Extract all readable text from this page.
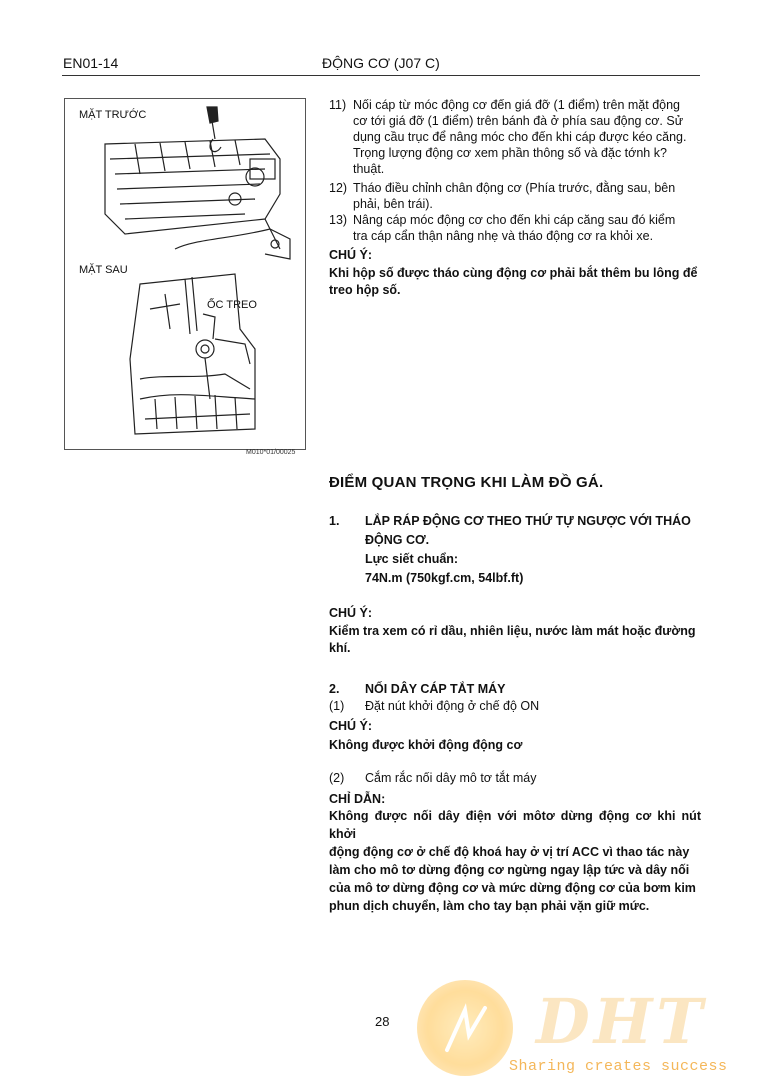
EN01-14	ĐỘNG CƠ (J07 C)
MẶT TRƯỚC
MẶT SAU
ỐC TREO
M010*01/00025
11) Nối cáp từ móc động cơ đến giá đỡ (1 điểm) trên mặt động
cơ tới giá đỡ (1 điểm) trên bánh đà ở phía sau động cơ. Sử
dụng cầu trục để nâng móc cho đến khi cáp được kéo căng.
Trọng lượng động cơ xem phần thông số và đặc tớnh k?
thuật.
12) Tháo điều chỉnh chân động cơ (Phía trước, đằng sau, bên
phải, bên trái).
13) Nâng cáp móc động cơ cho đến khi cáp căng sau đó kiểm
tra cáp cẩn thận nâng nhẹ và tháo động cơ ra khỏi xe.
CHÚ Ý:
Khi hộp số được tháo cùng động cơ phải bắt thêm bu lông để
treo hộp số.
ĐIỂM QUAN TRỌNG KHI LÀM ĐỒ GÁ.
1. LẮP RÁP ĐỘNG CƠ THEO THỨ TỰ NGƯỢC VỚI THÁO
ĐỘNG CƠ.
Lực siết chuẩn:
74N.m (750kgf.cm, 54lbf.ft)
CHÚ Ý:
Kiểm tra xem có rỉ dầu, nhiên liệu, nước làm mát hoặc đường
khí.
2. NỐI DÂY CÁP TẮT MÁY
(1) Đặt nút khởi động ở chế độ ON
CHÚ Ý:
Không được khởi động động cơ
(2) Cắm rắc nối dây mô tơ tắt máy
CHỈ DẪN:
Không được nối dây điện với môtơ dừng động cơ khi nút khởi
động động cơ ở chế độ khoá hay ở vị trí ACC vì thao tác này
làm cho mô tơ dừng động cơ ngừng ngay lập tức và dây nối
của mô tơ dừng động cơ và mức dừng động cơ của bơm kim
phun dịch chuyển, làm cho tay bạn phải vặn giữ mức.
28 DHT
Sharing creates success
